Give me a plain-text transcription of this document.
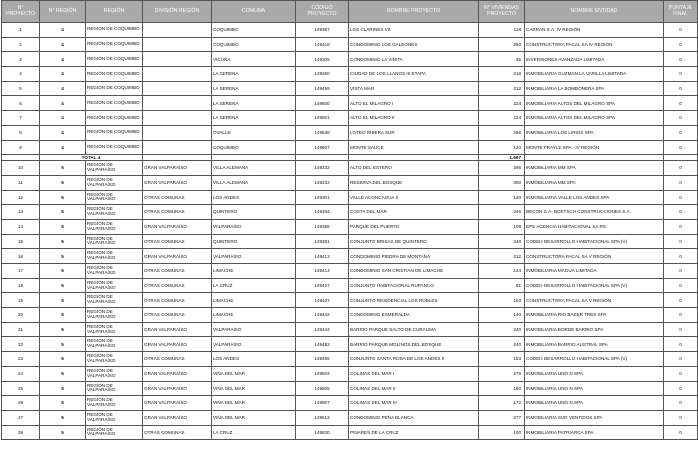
N° PROYECTO	N° REGIÓN	REGIÓN	DIVISIÓN REGIÓN	COMUNA	CÓDIGO PROYECTO	NOMBRE PROYECTO	N° VIVIENDAS PROYECTO	NOMBRE ENTIDAD	PUNTAJE FINAL
1	4	REGIÓN DE COQUIMBO		COQUIMBO	149387	LOS CLARINES VII	118	CARRAN S.A. IV REGIÓN	0
2	4	REGIÓN DE COQUIMBO		COQUIMBO	149418	CONDOMINIO LOS GALEONES	250	CONSTRUCTORA PACAL SA IV REGIÓN	0
3	4	REGIÓN DE COQUIMBO		VICUÑA	149305	CONDOMINIO LA VIÑITA	35	INVERSIONES AVANZADA LIMITADA	0
4	4	REGIÓN DE COQUIMBO		LA SERENA	149260	CIUDAD DE LOS LLANOS III ETAPA	218	INMOBILIARIA GUZMAN LA VARILLA LIMITADA	0
5	4	REGIÓN DE COQUIMBO		LA SERENA	149499	VISTA MAR	212	INMOBILIARIA LA BOMBONERA SPA	0
6	4	REGIÓN DE COQUIMBO		LA SERENA	149500	ALTO EL MILAGRO I	224	INMOBILIARIA ALTOS DEL MILAGRO SPA	0
7	4	REGIÓN DE COQUIMBO		LA SERENA	149501	ALTO EL MILAGRO II	224	INMOBILIARIA ALTOS DEL MILAGRO SPA	0
8	4	REGIÓN DE COQUIMBO		OVALLE	149538	LOTEO RIBERA SUR	296	INMOBILIARIA LOS LIRIOS SPA	0
9	4	REGIÓN DE COQUIMBO		COQUIMBO	149607	MONTE SAUCE	120	MONTE FRAYLE SPA - IV REGIÓN	0
	TOTAL 4						1.697		
10	5	REGIÓN DE VALPARAÍSO	GRAN VALPARAÍSO	VILLA ALEMANA	149232	ALTO DEL ESTERO	296	INMOBILIARIA MM SPA	0
11	5	REGIÓN DE VALPARAÍSO	GRAN VALPARAÍSO	VILLA ALEMANA	149233	RESERVA DEL BOSQUE	300	INMOBILIARIA MM SPA	0
12	5	REGIÓN DE VALPARAÍSO	OTRAS COMUNAS	LOS ANDES	149301	VALLE ACONCAGUA II	120	INMOBILIARIA VALLE LOS ANDES SPA	0
13	5	REGIÓN DE VALPARAÍSO	OTRAS COMUNAS	QUINTERO	149334	COSTA DEL MAR	249	BECON S.A- BOETSCH CONSTRUCCIONES S.A	0
14	5	REGIÓN DE VALPARAÍSO	GRAN VALPARAÍSO	VALPARAÍSO	149365	PARQUE DEL PUERTO	108	EPS AGENCIA HABITACIONAL SA RS	0
15	5	REGIÓN DE VALPARAÍSO	OTRAS COMUNAS	QUINTERO	149381	CONJUNTO BRISAS DE QUINTERO	248	CODEH DESARROLLO HABITACIONAL SPA (V)	0
16	5	REGIÓN DE VALPARAÍSO	GRAN VALPARAÍSO	VALPARAÍSO	149412	CONDOMINIO PIEDRA DE MONTAÑA	212	CONSTRUCTORA PACAL SA V REGIÓN	0
17	5	REGIÓN DE VALPARAÍSO	OTRAS COMUNAS	LIMACHE	149414	CONDOMINIO SAN CRISTIAN DE LIMACHE	144	INMOBILIARIA MAGUA LIMITADA	0
18	5	REGIÓN DE VALPARAÍSO	OTRAS COMUNAS	LA CRUZ	149427	CONJUNTO HABITACIONAL RUPANCO	81	CODEH DESARROLLO HABITACIONAL SPA (V)	0
19	5	REGIÓN DE VALPARAÍSO	OTRAS COMUNAS	LIMACHE	149437	CONJUNTO RESIDENCIAL LOS ROBLES	163	CONSTRUCTORA PACAL SA V REGIÓN	0
20	5	REGIÓN DE VALPARAÍSO	OTRAS COMUNAS	LIMACHE	149442	CONDOMINIO ESMERALDA	140	INMOBILIARIA RIO BAKER TRES SPA	0
21	5	REGIÓN DE VALPARAÍSO	GRAN VALPARAÍSO	VALPARAÍSO	149444	BARRIO PARQUE SALTO DE CURAUMA	240	INMOBILIARIA BORDE BARRIO SPA	0
22	5	REGIÓN DE VALPARAÍSO	GRAN VALPARAÍSO	VALPARAÍSO	149482	BARRIO PARQUE MOLINOS DEL BOSQUE	240	INMOBILIARIA BARRIO AUSTRAL SPA	0
23	5	REGIÓN DE VALPARAÍSO	OTRAS COMUNAS	LOS ANDES	149496	CONJUNTO SANTA ROSA DE LOS ANDES II	153	CODEH DESARROLLO HABITACIONAL SPA (V)	0
24	5	REGIÓN DE VALPARAÍSO	GRAN VALPARAÍSO	VIÑA DEL MAR	149504	COLINAS DEL MAR I	276	INMOBILIARIA UNO N SPA	0
25	5	REGIÓN DE VALPARAÍSO	GRAN VALPARAÍSO	VIÑA DEL MAR	149505	COLINAS DEL MAR II	180	INMOBILIARIA UNO N SPA	0
26	5	REGIÓN DE VALPARAÍSO	GRAN VALPARAÍSO	VIÑA DEL MAR	149507	COLINAS DEL MAR III	172	INMOBILIARIA UNO N SPA	0
27	5	REGIÓN DE VALPARAÍSO	GRAN VALPARAÍSO	VIÑA DEL MAR	149512	CONDOMINIO PEÑA BLANCA	277	INMOBILIARIA SUR VENTIDOS SPA	0
28	5	REGIÓN DE VALPARAÍSO	OTRAS COMUNAS	LA CRUZ	149530	PINARES DE LA CRUZ	100	INMOBILIARIA PATRIARCA SPA	0
